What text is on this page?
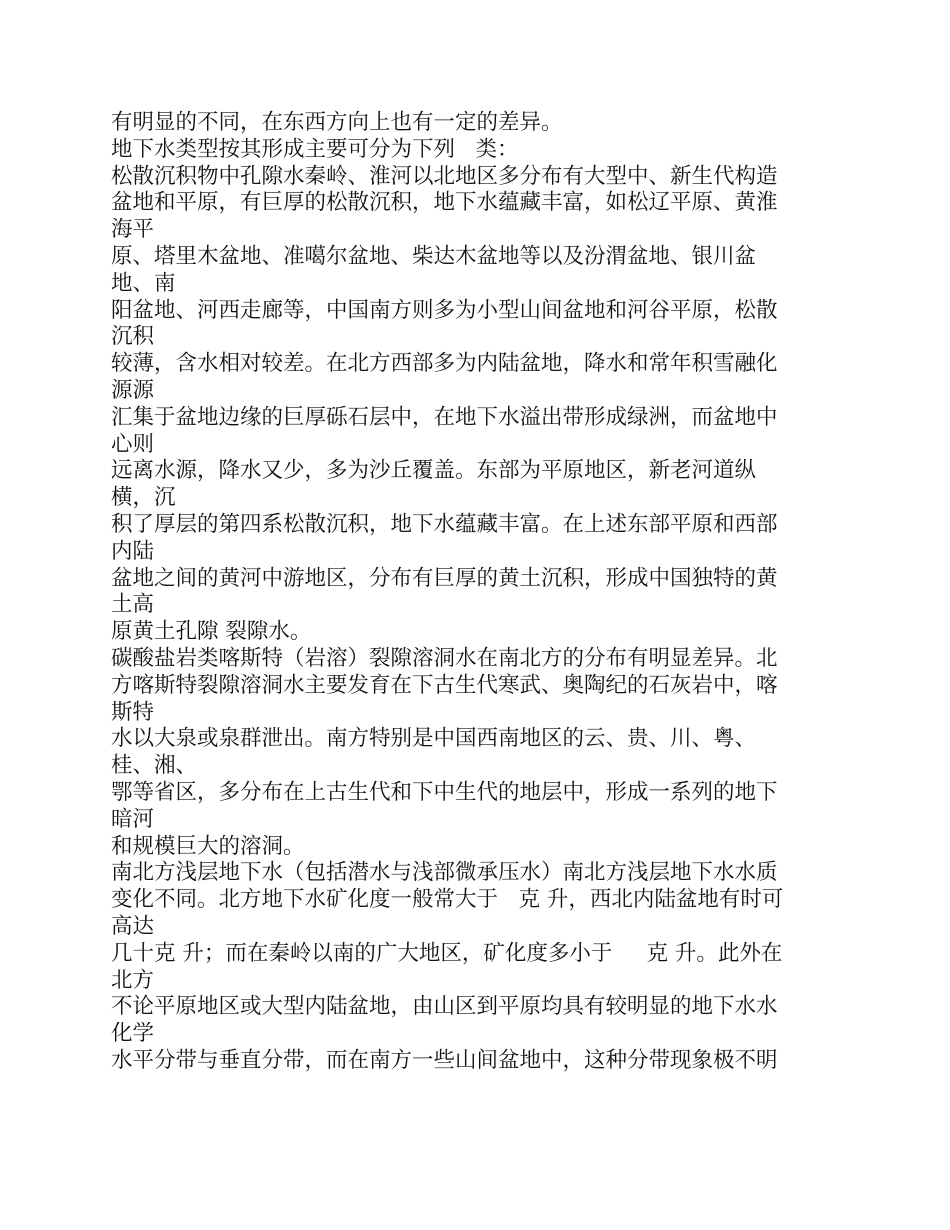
有明显的不同，在东西方向上也有一定的差异。
地下水类型按其形成主要可分为下列   类：
松散沉积物中孔隙水秦岭、淮河以北地区多分布有大型中、新生代构造
盆地和平原，有巨厚的松散沉积，地下水蕴藏丰富，如松辽平原、黄淮
海平
原、塔里木盆地、准噶尔盆地、柴达木盆地等以及汾渭盆地、银川盆
地、南
阳盆地、河西走廊等，中国南方则多为小型山间盆地和河谷平原，松散
沉积
较薄，含水相对较差。在北方西部多为内陆盆地，降水和常年积雪融化
源源
汇集于盆地边缘的巨厚砾石层中，在地下水溢出带形成绿洲，而盆地中
心则
远离水源，降水又少，多为沙丘覆盖。东部为平原地区，新老河道纵
横，沉
积了厚层的第四系松散沉积，地下水蕴藏丰富。在上述东部平原和西部
内陆
盆地之间的黄河中游地区，分布有巨厚的黄土沉积，形成中国独特的黄
土高
原黄土孔隙 裂隙水。
碳酸盐岩类喀斯特（岩溶）裂隙溶洞水在南北方的分布有明显差异。北
方喀斯特裂隙溶洞水主要发育在下古生代寒武、奥陶纪的石灰岩中，喀
斯特
水以大泉或泉群泄出。南方特别是中国西南地区的云、贵、川、粤、
桂、湘、
鄂等省区，多分布在上古生代和下中生代的地层中，形成一系列的地下
暗河
和规模巨大的溶洞。
南北方浅层地下水（包括潜水与浅部微承压水）南北方浅层地下水水质
变化不同。北方地下水矿化度一般常大于   克 升，西北内陆盆地有时可
高达
几十克 升；而在秦岭以南的广大地区，矿化度多小于     克 升。此外在
北方
不论平原地区或大型内陆盆地，由山区到平原均具有较明显的地下水水
化学
水平分带与垂直分带，而在南方一些山间盆地中，这种分带现象极不明
